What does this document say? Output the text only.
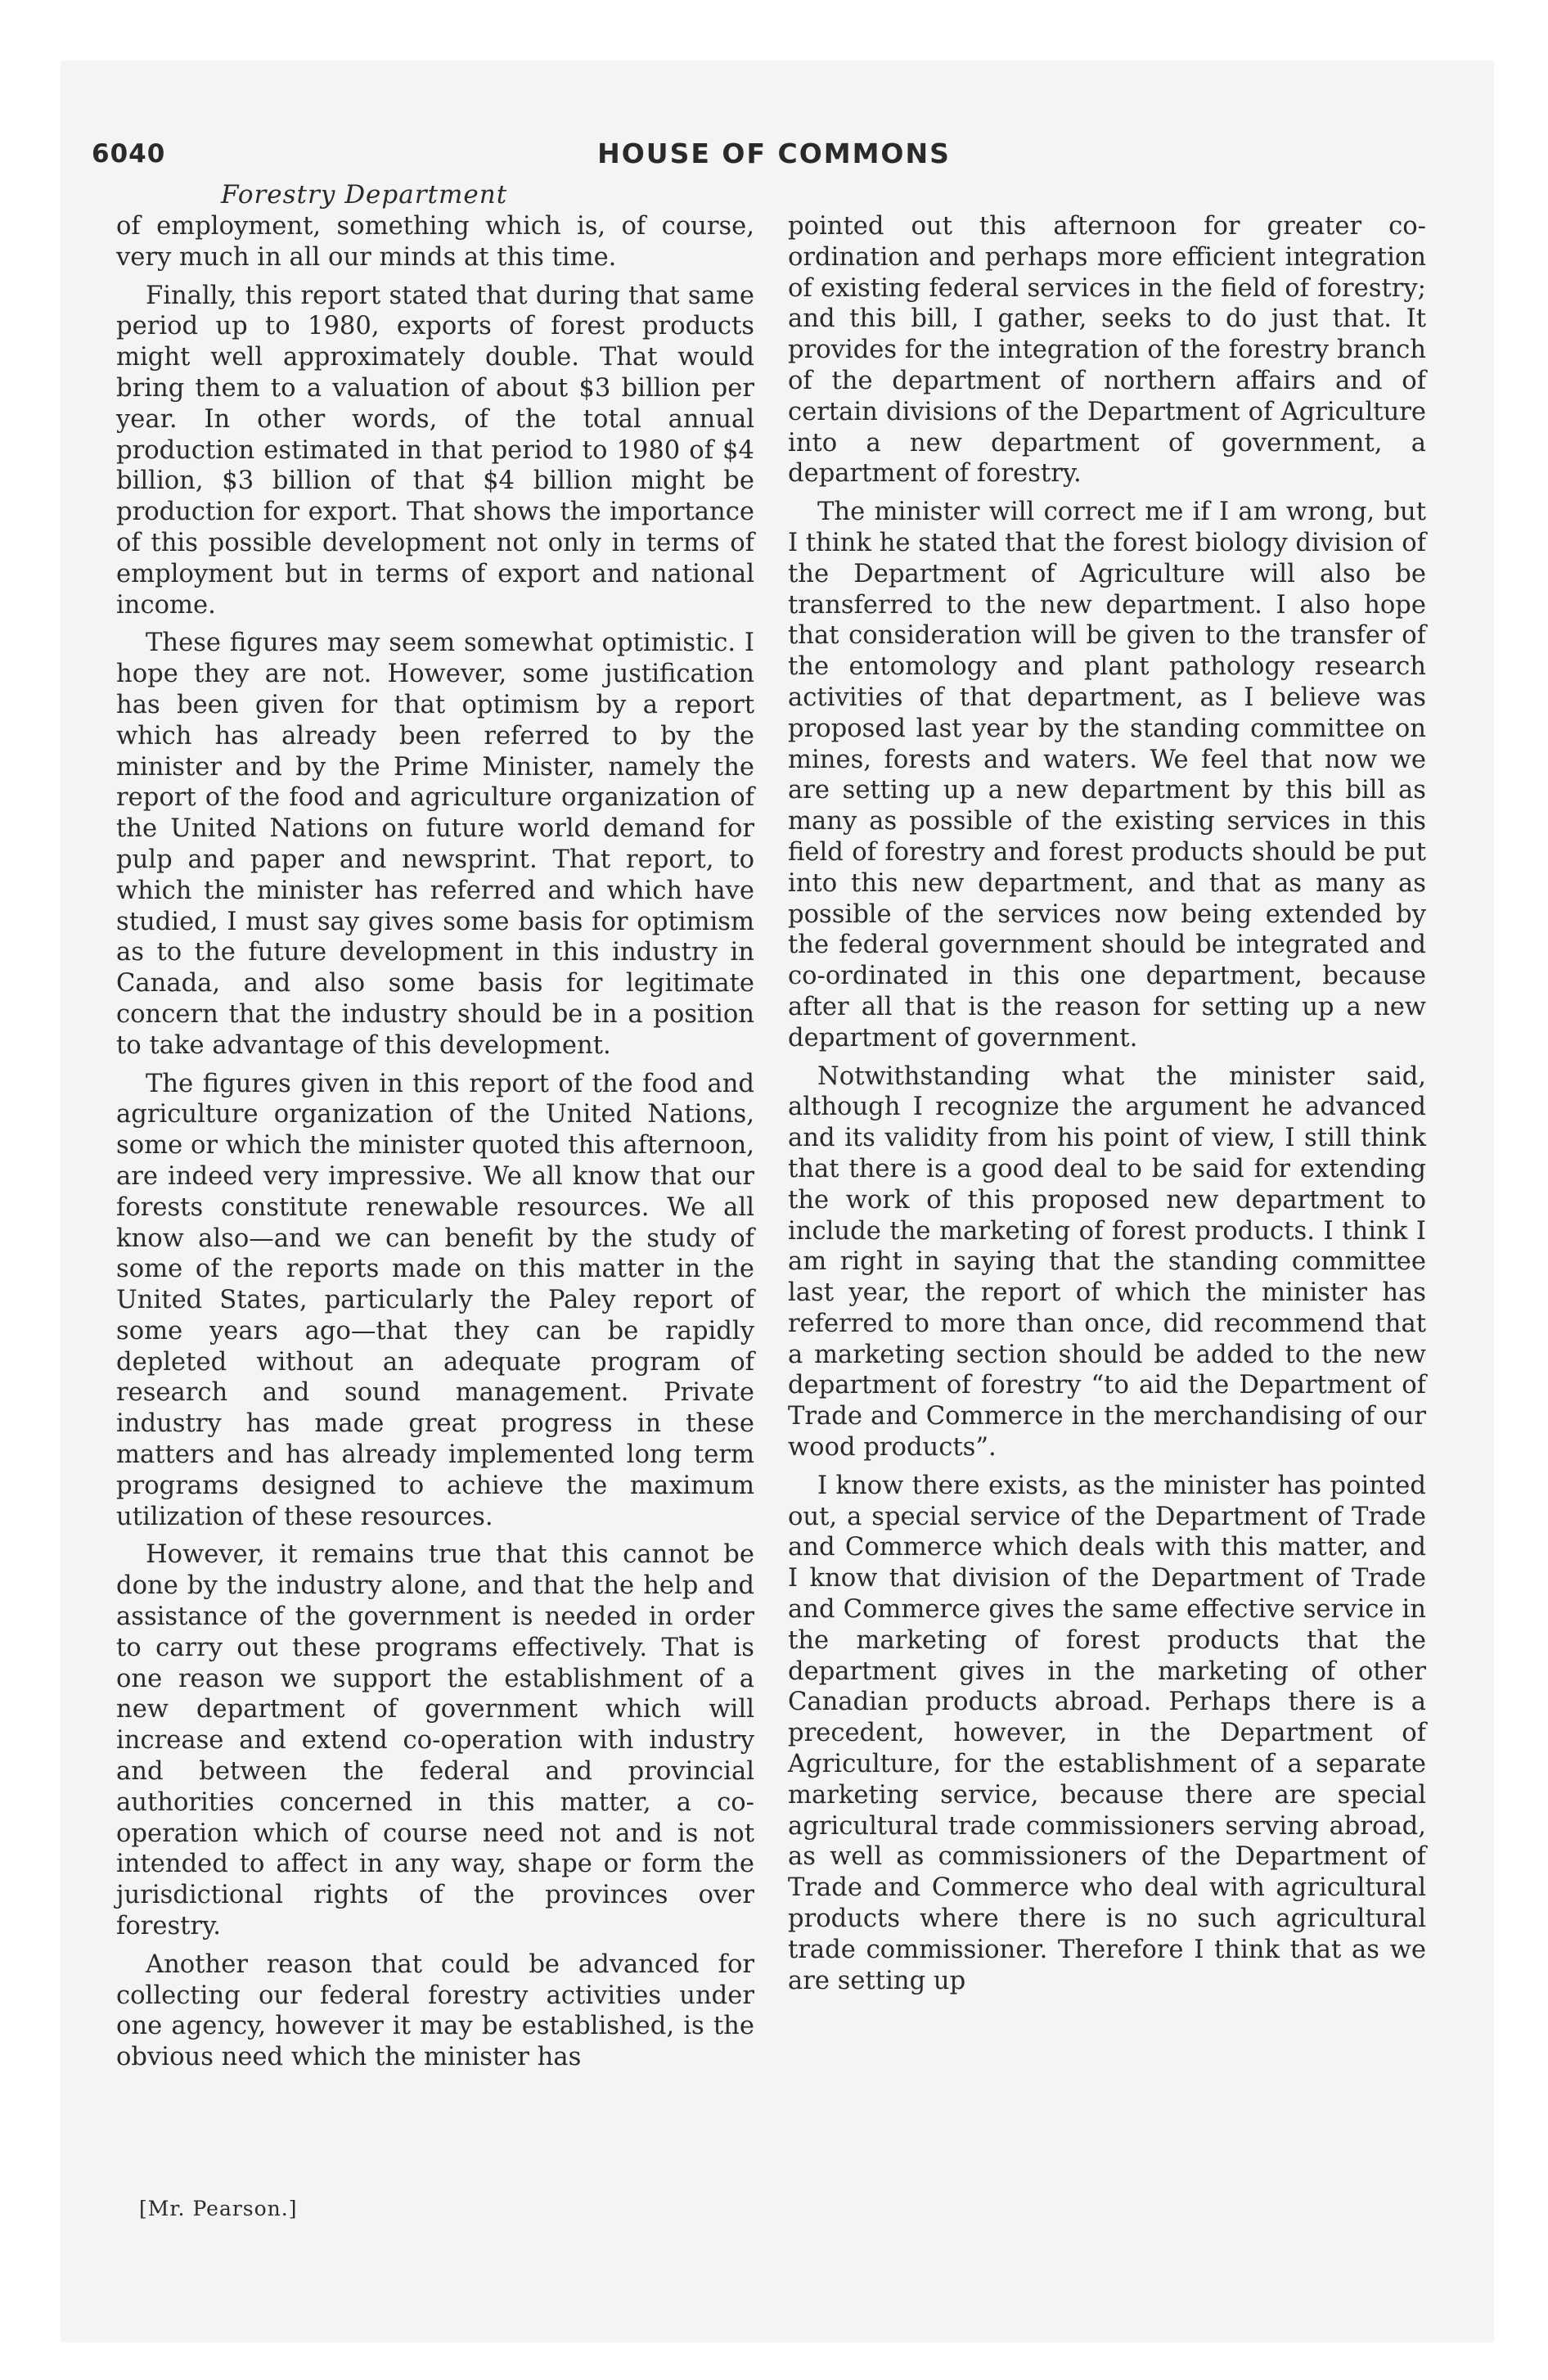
6040	HOUSE OF COMMONS
Forestry Department

of employment, something which is, of course, very much in all our minds at this time.

Finally, this report stated that during that same period up to 1980, exports of forest products might well approximately double. That would bring them to a valuation of about $3 billion per year. In other words, of the total annual production estimated in that period to 1980 of $4 billion, $3 billion of that $4 billion might be production for export. That shows the importance of this possible development not only in terms of employment but in terms of export and national income.

These figures may seem somewhat optimistic. I hope they are not. However, some justification has been given for that optimism by a report which has already been referred to by the minister and by the Prime Minister, namely the report of the food and agriculture organization of the United Nations on future world demand for pulp and paper and newsprint. That report, to which the minister has referred and which have studied, I must say gives some basis for optimism as to the future development in this industry in Canada, and also some basis for legitimate concern that the industry should be in a position to take advantage of this development.

The figures given in this report of the food and agriculture organization of the United Nations, some or which the minister quoted this afternoon, are indeed very impressive. We all know that our forests constitute renewable resources. We all know also—and we can benefit by the study of some of the reports made on this matter in the United States, particularly the Paley report of some years ago—that they can be rapidly depleted without an adequate program of research and sound management. Private industry has made great progress in these matters and has already implemented long term programs designed to achieve the maximum utilization of these resources.

However, it remains true that this cannot be done by the industry alone, and that the help and assistance of the government is needed in order to carry out these programs effectively. That is one reason we support the establishment of a new department of government which will increase and extend co-operation with industry and between the federal and provincial authorities concerned in this matter, a co-operation which of course need not and is not intended to affect in any way, shape or form the jurisdictional rights of the provinces over forestry.

Another reason that could be advanced for collecting our federal forestry activities under one agency, however it may be established, is the obvious need which the minister has

pointed out this afternoon for greater co-ordination and perhaps more efficient integration of existing federal services in the field of forestry; and this bill, I gather, seeks to do just that. It provides for the integration of the forestry branch of the department of northern affairs and of certain divisions of the Department of Agriculture into a new department of government, a department of forestry.

The minister will correct me if I am wrong, but I think he stated that the forest biology division of the Department of Agriculture will also be transferred to the new department. I also hope that consideration will be given to the transfer of the entomology and plant pathology research activities of that department, as I believe was proposed last year by the standing committee on mines, forests and waters. We feel that now we are setting up a new department by this bill as many as possible of the existing services in this field of forestry and forest products should be put into this new department, and that as many as possible of the services now being extended by the federal government should be integrated and co-ordinated in this one department, because after all that is the reason for setting up a new department of government.

Notwithstanding what the minister said, although I recognize the argument he advanced and its validity from his point of view, I still think that there is a good deal to be said for extending the work of this proposed new department to include the marketing of forest products. I think I am right in saying that the standing committee last year, the report of which the minister has referred to more than once, did recommend that a marketing section should be added to the new department of forestry “to aid the Department of Trade and Commerce in the merchandising of our wood products”.

I know there exists, as the minister has pointed out, a special service of the Department of Trade and Commerce which deals with this matter, and I know that division of the Department of Trade and Commerce gives the same effective service in the marketing of forest products that the department gives in the marketing of other Canadian products abroad. Perhaps there is a precedent, however, in the Department of Agriculture, for the establishment of a separate marketing service, because there are special agricultural trade commissioners serving abroad, as well as commissioners of the Department of Trade and Commerce who deal with agricultural products where there is no such agricultural trade commissioner. Therefore I think that as we are setting up

[Mr. Pearson.]
